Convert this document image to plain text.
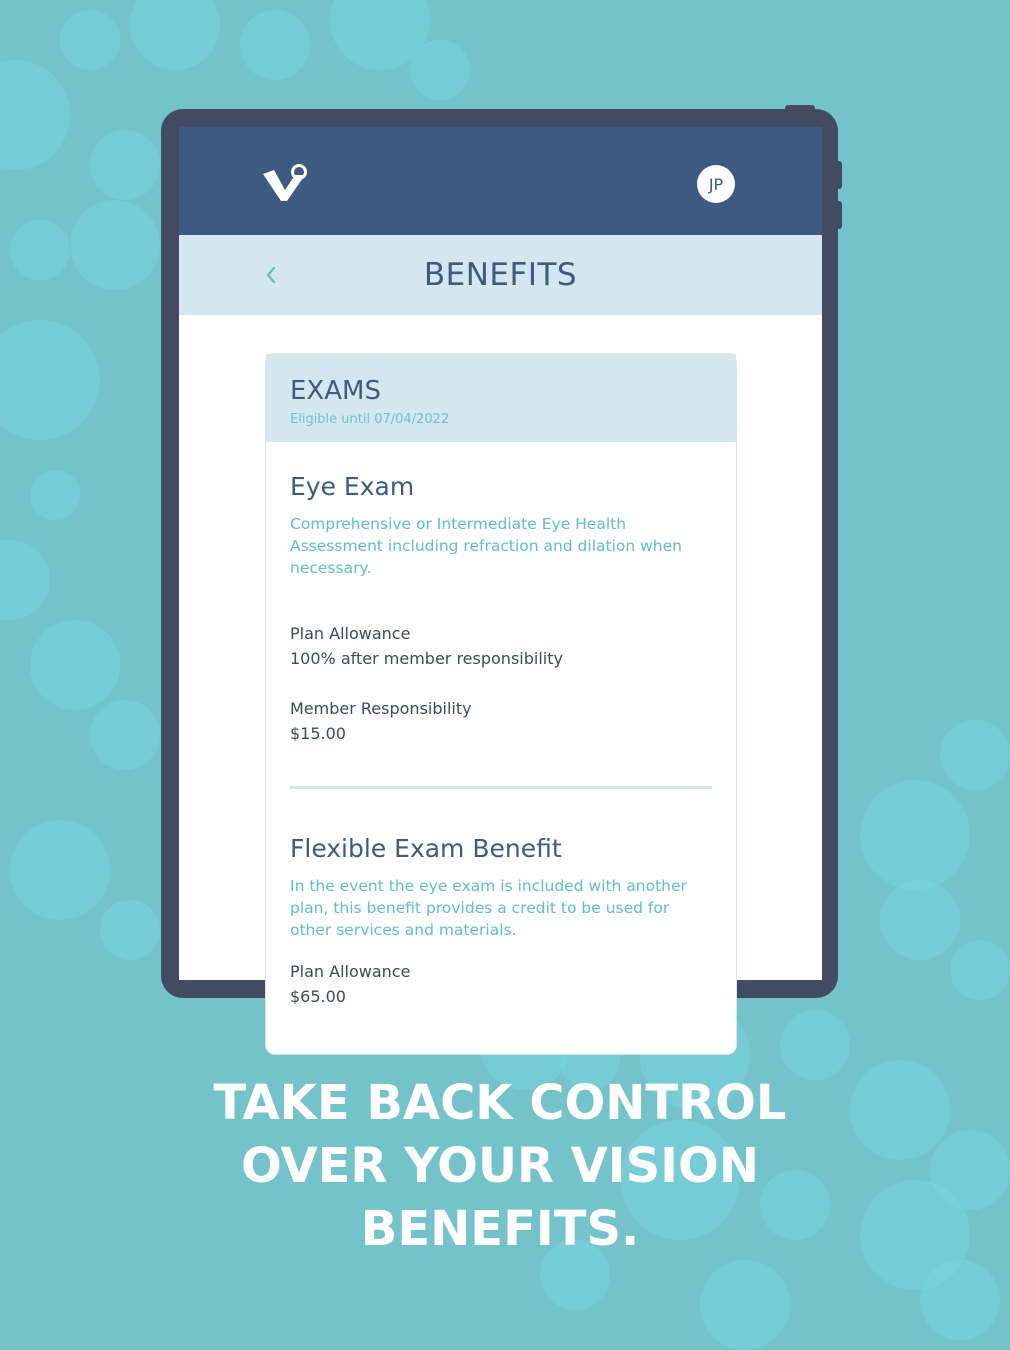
JP
BENEFITS
EXAMS
Eligible until 07/04/2022
Eye Exam
Comprehensive or Intermediate Eye Health Assessment including refraction and dilation when necessary.
Plan Allowance
100% after member responsibility
Member Responsibility
$15.00
Flexible Exam Benefit
In the event the eye exam is included with another plan, this benefit provides a credit to be used for other services and materials.
Plan Allowance
$65.00
TAKE BACK CONTROL
OVER YOUR VISION
BENEFITS.
